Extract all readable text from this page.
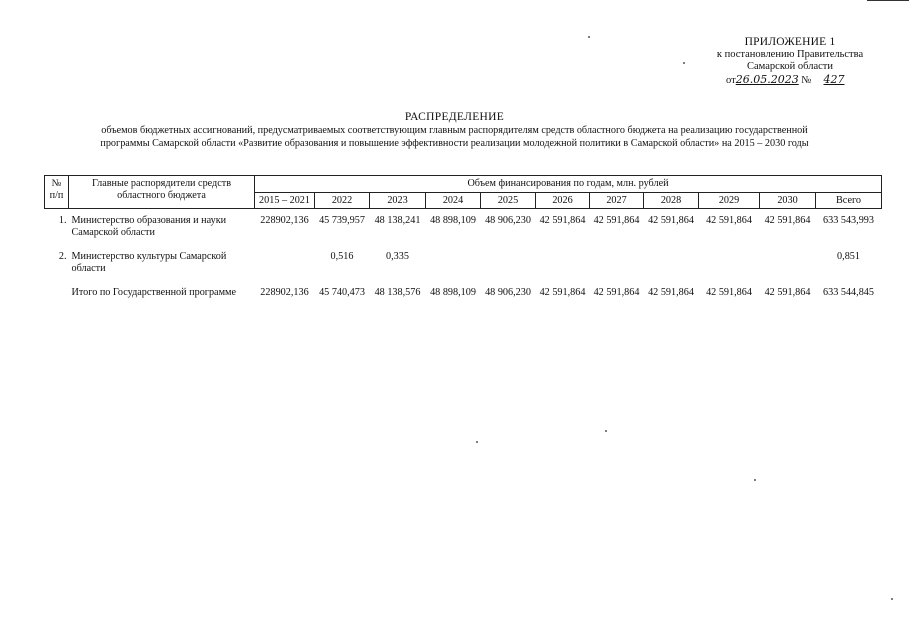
ПРИЛОЖЕНИЕ 1
к постановлению Правительства
Самарской области
от26.05.2023 № 427
РАСПРЕДЕЛЕНИЕ
объемов бюджетных ассигнований, предусматриваемых соответствующим главным распорядителям средств областного бюджета на реализацию государственной
программы Самарской области «Развитие образования и повышение эффективности реализации молодежной политики в Самарской области» на 2015 – 2030 годы
№
п/п	Главные распорядители средств областного бюджета	Объем финансирования по годам, млн. рублей										
		2015 – 2021	2022	2023	2024	2025	2026	2027	2028	2029	2030	Всего
1.	Министерство образования и науки Самарской области	228902,136	45 739,957	48 138,241	48 898,109	48 906,230	42 591,864	42 591,864	42 591,864	42 591,864	42 591,864	633 543,993
2.	Министерство культуры Самарской области		0,516	0,335								0,851
	Итого по Государственной программе	228902,136	45 740,473	48 138,576	48 898,109	48 906,230	42 591,864	42 591,864	42 591,864	42 591,864	42 591,864	633 544,845
